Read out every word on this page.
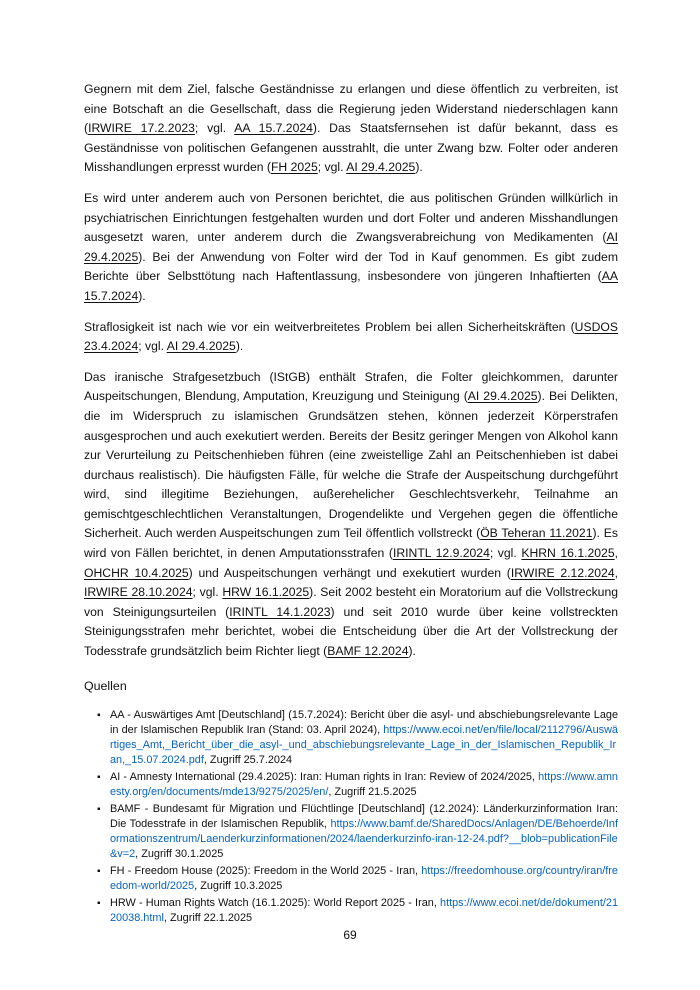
Gegnern mit dem Ziel, falsche Geständnisse zu erlangen und diese öffentlich zu verbreiten, ist eine Botschaft an die Gesellschaft, dass die Regierung jeden Widerstand niederschlagen kann (IRWIRE 17.2.2023; vgl. AA 15.7.2024). Das Staatsfernsehen ist dafür bekannt, dass es Geständnisse von politischen Gefangenen ausstrahlt, die unter Zwang bzw. Folter oder anderen Misshandlungen erpresst wurden (FH 2025; vgl. AI 29.4.2025).

Es wird unter anderem auch von Personen berichtet, die aus politischen Gründen willkürlich in psychiatrischen Einrichtungen festgehalten wurden und dort Folter und anderen Misshandlungen ausgesetzt waren, unter anderem durch die Zwangsverabreichung von Medikamenten (AI 29.4.2025). Bei der Anwendung von Folter wird der Tod in Kauf genommen. Es gibt zudem Berichte über Selbsttötung nach Haftentlassung, insbesondere von jüngeren Inhaftierten (AA 15.7.2024).

Straflosigkeit ist nach wie vor ein weitverbreitetes Problem bei allen Sicherheitskräften (USDOS 23.4.2024; vgl. AI 29.4.2025).

Das iranische Strafgesetzbuch (IStGB) enthält Strafen, die Folter gleichkommen, darunter Auspeitschungen, Blendung, Amputation, Kreuzigung und Steinigung (AI 29.4.2025). Bei Delikten, die im Widerspruch zu islamischen Grundsätzen stehen, können jederzeit Körperstrafen ausgesprochen und auch exekutiert werden. Bereits der Besitz geringer Mengen von Alkohol kann zur Verurteilung zu Peitschenhieben führen (eine zweistellige Zahl an Peitschenhieben ist dabei durchaus realistisch). Die häufigsten Fälle, für welche die Strafe der Auspeitschung durchgeführt wird, sind illegitime Beziehungen, außerehelicher Geschlechtsverkehr, Teilnahme an gemischtgeschlechtlichen Veranstaltungen, Drogendelikte und Vergehen gegen die öffentliche Sicherheit. Auch werden Auspeitschungen zum Teil öffentlich vollstreckt (ÖB Teheran 11.2021). Es wird von Fällen berichtet, in denen Amputationsstrafen (IRINTL 12.9.2024; vgl. KHRN 16.1.2025, OHCHR 10.4.2025) und Auspeitschungen verhängt und exekutiert wurden (IRWIRE 2.12.2024, IRWIRE 28.10.2024; vgl. HRW 16.1.2025). Seit 2002 besteht ein Moratorium auf die Vollstreckung von Steinigungsurteilen (IRINTL 14.1.2023) und seit 2010 wurde über keine vollstreckten Steinigungsstrafen mehr berichtet, wobei die Entscheidung über die Art der Vollstreckung der Todesstrafe grundsätzlich beim Richter liegt (BAMF 12.2024).

Quellen
▪ AA - Auswärtiges Amt [Deutschland] (15.7.2024): Bericht über die asyl- und abschiebungsrelevante Lage in der Islamischen Republik Iran (Stand: 03. April 2024), https://www.ecoi.net/en/file/local/2112796/Auswärtiges_Amt,_Bericht_über_die_asyl-_und_abschiebungsrelevante_Lage_in_der_Islamischen_Republik_Iran,_15.07.2024.pdf, Zugriff 25.7.2024
▪ AI - Amnesty International (29.4.2025): Iran: Human rights in Iran: Review of 2024/2025, https://www.amnesty.org/en/documents/mde13/9275/2025/en/, Zugriff 21.5.2025
▪ BAMF - Bundesamt für Migration und Flüchtlinge [Deutschland] (12.2024): Länderkurzinformation Iran: Die Todesstrafe in der Islamischen Republik, https://www.bamf.de/SharedDocs/Anlagen/DE/Behoerde/Informationszentrum/Laenderkurzinformationen/2024/laenderkurzinfo-iran-12-24.pdf?__blob=publicationFile&v=2, Zugriff 30.1.2025
▪ FH - Freedom House (2025): Freedom in the World 2025 - Iran, https://freedomhouse.org/country/iran/freedom-world/2025, Zugriff 10.3.2025
▪ HRW - Human Rights Watch (16.1.2025): World Report 2025 - Iran, https://www.ecoi.net/de/dokument/2120038.html, Zugriff 22.1.2025
69
